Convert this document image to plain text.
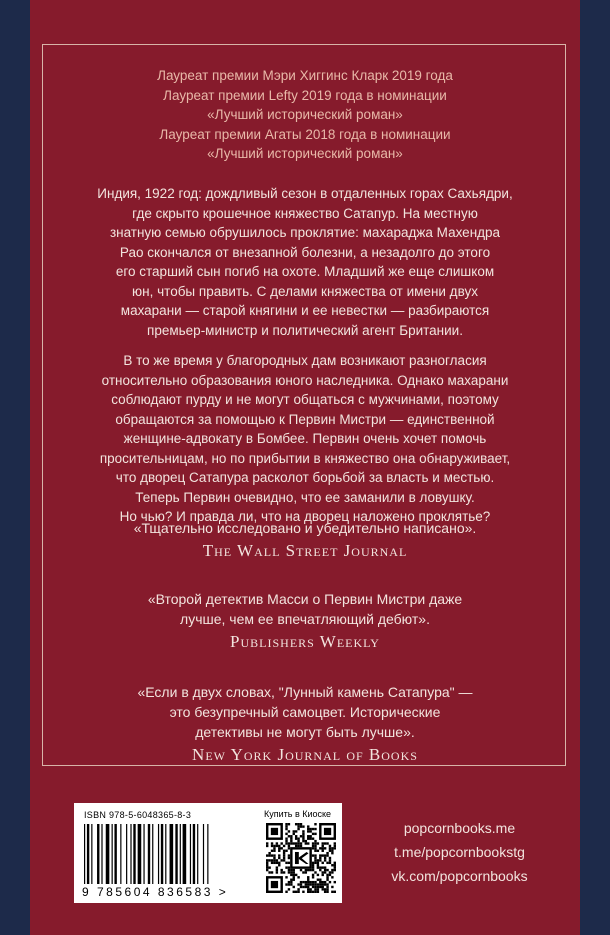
Лауреат премии Мэри Хиггинс Кларк 2019 года
Лауреат премии Lefty 2019 года в номинации
«Лучший исторический роман»
Лауреат премии Агаты 2018 года в номинации
«Лучший исторический роман»

Индия, 1922 год: дождливый сезон в отдаленных горах Сахьядри,
где скрыто крошечное княжество Сатапур. На местную
знатную семью обрушилось проклятие: махараджа Махендра
Рао скончался от внезапной болезни, а незадолго до этого
его старший сын погиб на охоте. Младший же еще слишком
юн, чтобы править. С делами княжества от имени двух
махарани — старой княгини и ее невестки — разбираются
премьер-министр и политический агент Британии.

В то же время у благородных дам возникают разногласия
относительно образования юного наследника. Однако махарани
соблюдают пурду и не могут общаться с мужчинами, поэтому
обращаются за помощью к Первин Мистри — единственной
женщине-адвокату в Бомбее. Первин очень хочет помочь
просительницам, но по прибытии в княжество она обнаруживает,
что дворец Сатапура расколот борьбой за власть и местью.
Теперь Первин очевидно, что ее заманили в ловушку.
Но чью? И правда ли, что на дворец наложено проклятье?

«Тщательно исследовано и убедительно написано».
The Wall Street Journal
«Второй детектив Масси о Первин Мистри даже
лучше, чем ее впечатляющий дебют».
Publishers Weekly
«Если в двух словах, "Лунный камень Сатапура" —
это безупречный самоцвет. Исторические
детективы не могут быть лучше».
New York Journal of Books
ISBN 978-5-6048365-8-3
9 785604 836583 >
Купить в Киоске
popcornbooks.me
t.me/popcornbookstg
vk.com/popcornbooks
